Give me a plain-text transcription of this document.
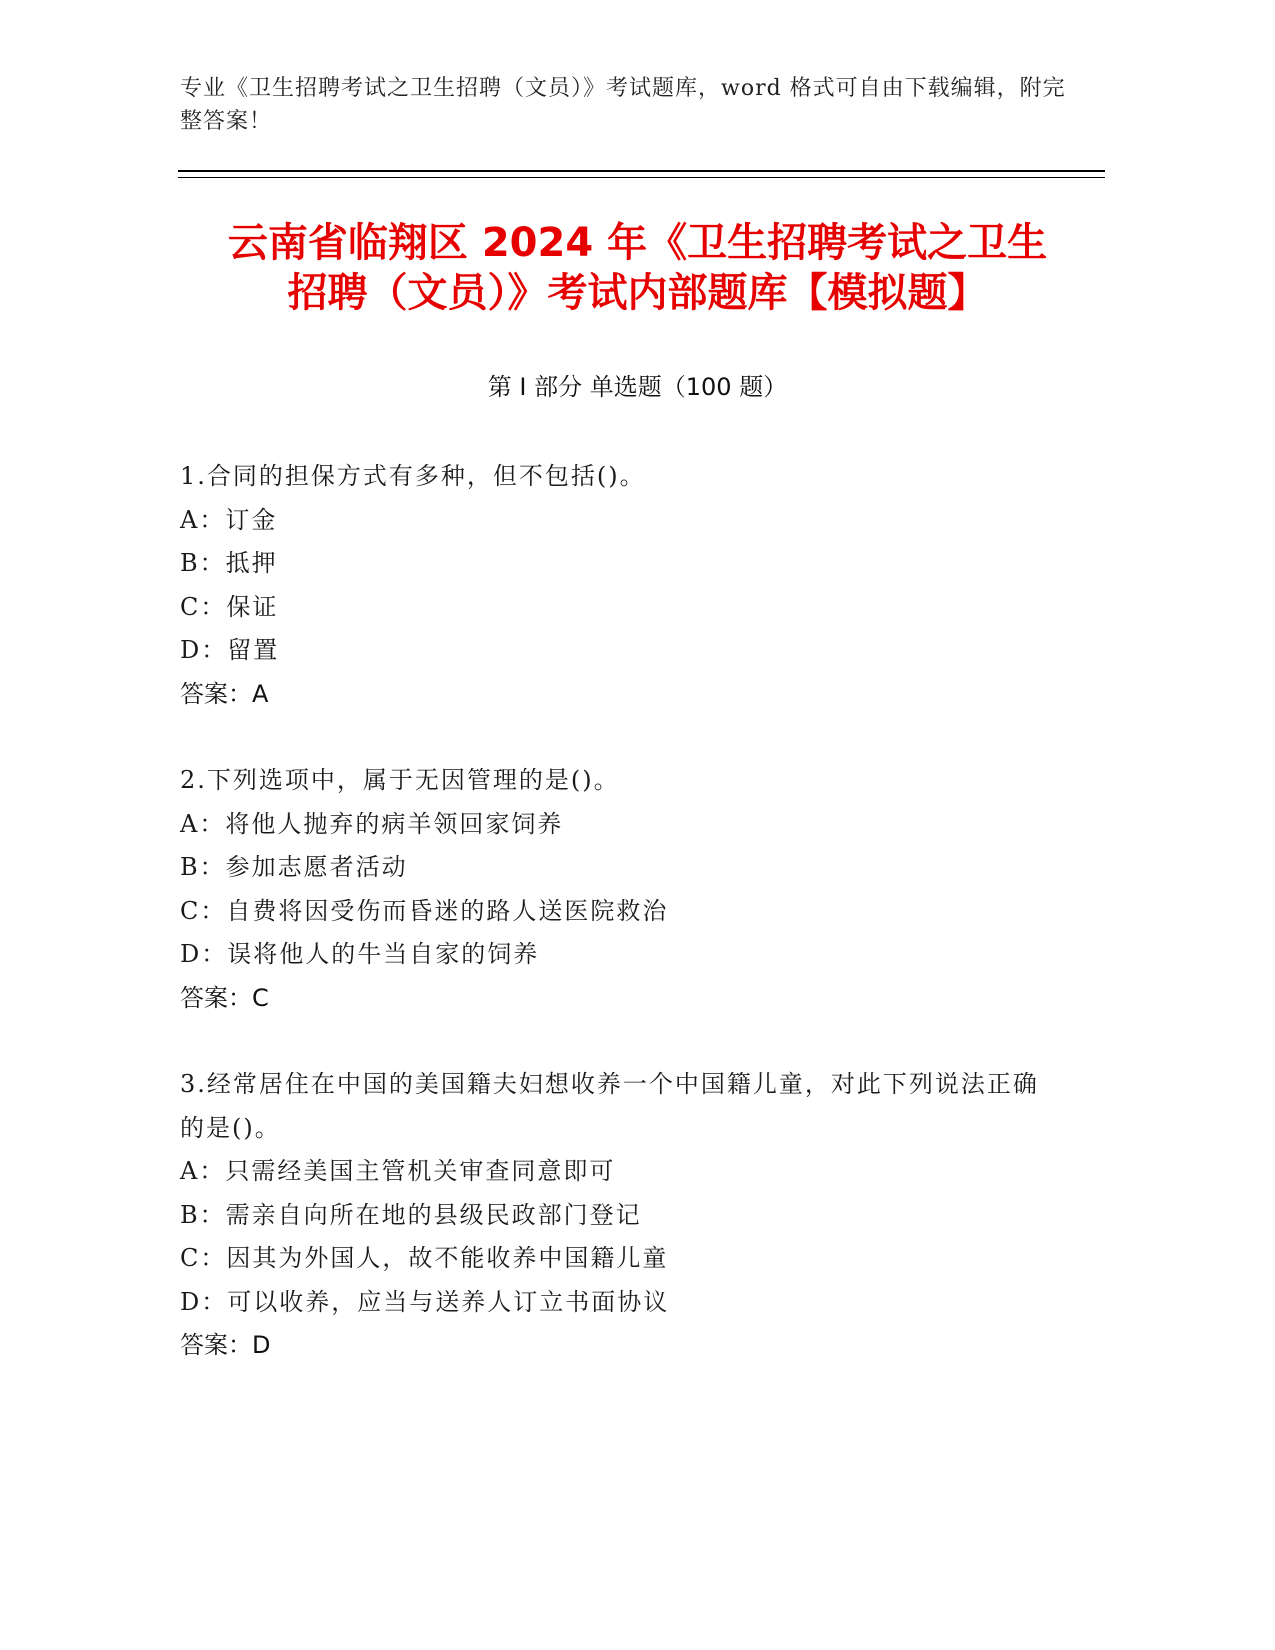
专业《卫生招聘考试之卫生招聘（文员）》考试题库，word 格式可自由下载编辑，附完整答案！
云南省临翔区 2024 年《卫生招聘考试之卫生
招聘（文员）》考试内部题库【模拟题】
第 I 部分 单选题（100 题）
1.合同的担保方式有多种，但不包括()。
A：订金
B：抵押
C：保证
D：留置
答案：A
2.下列选项中，属于无因管理的是()。
A：将他人抛弃的病羊领回家饲养
B：参加志愿者活动
C：自费将因受伤而昏迷的路人送医院救治
D：误将他人的牛当自家的饲养
答案：C
3.经常居住在中国的美国籍夫妇想收养一个中国籍儿童，对此下列说法正确的是()。
A：只需经美国主管机关审查同意即可
B：需亲自向所在地的县级民政部门登记
C：因其为外国人，故不能收养中国籍儿童
D：可以收养，应当与送养人订立书面协议
答案：D
